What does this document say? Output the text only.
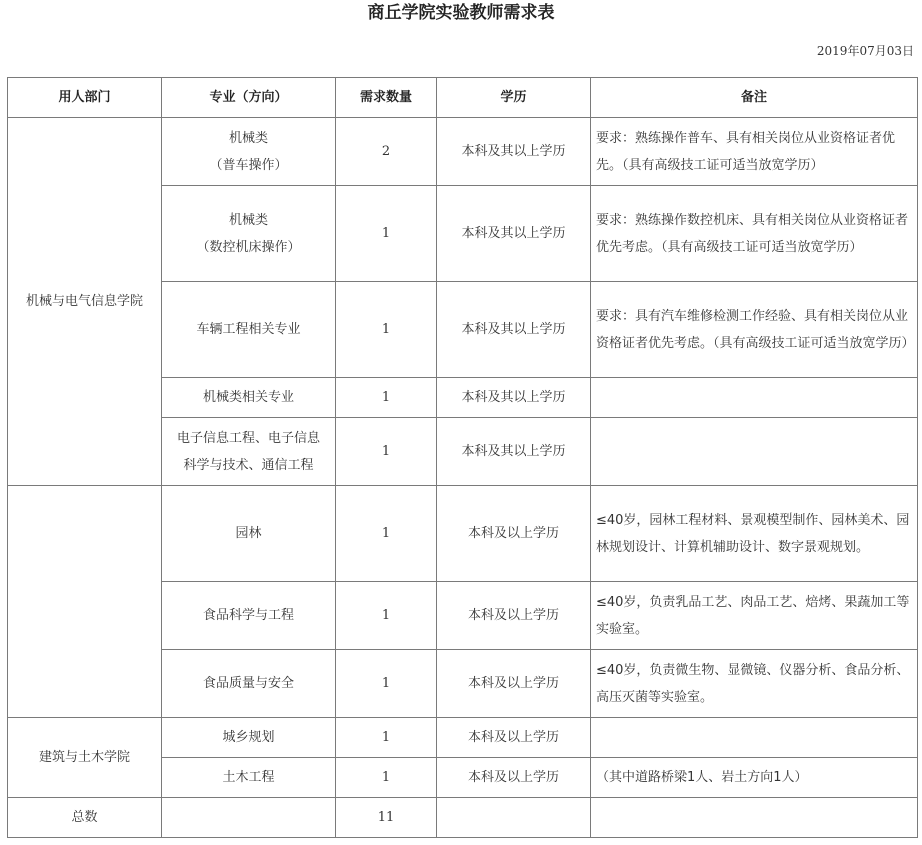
商丘学院实验教师需求表
2019年07月03日
用人部门	专业（方向）	需求数量	学历	备注
机械与电气信息学院	机械类
（普车操作）	2	本科及其以上学历	要求：熟练操作普车、具有相关岗位从业资格证者优先。（具有高级技工证可适当放宽学历）

	机械类
（数控机床操作）	1	本科及其以上学历	要求：熟练操作数控机床、具有相关岗位从业资格证者优先考虑。（具有高级技工证可适当放宽学历）
	车辆工程相关专业	1	本科及其以上学历	要求：具有汽车维修检测工作经验、具有相关岗位从业资格证者优先考虑。（具有高级技工证可适当放宽学历）
	机械类相关专业	1	本科及其以上学历	

	电子信息工程、电子信息
科学与技术、通信工程	1	本科及其以上学历	
	园林	1	本科及以上学历	≤40岁，园林工程材料、景观模型制作、园林美术、园林规划设计、计算机辅助设计、数字景观规划。
	食品科学与工程	1	本科及以上学历	≤40岁，负责乳品工艺、肉品工艺、焙烤、果蔬加工等实验室。
	食品质量与安全	1	本科及以上学历	≤40岁，负责微生物、显微镜、仪器分析、食品分析、高压灭菌等实验室。
建筑与土木学院	城乡规划	1	本科及以上学历	
	土木工程	1	本科及以上学历	（其中道路桥梁1人、岩土方向1人）
总数		11		
